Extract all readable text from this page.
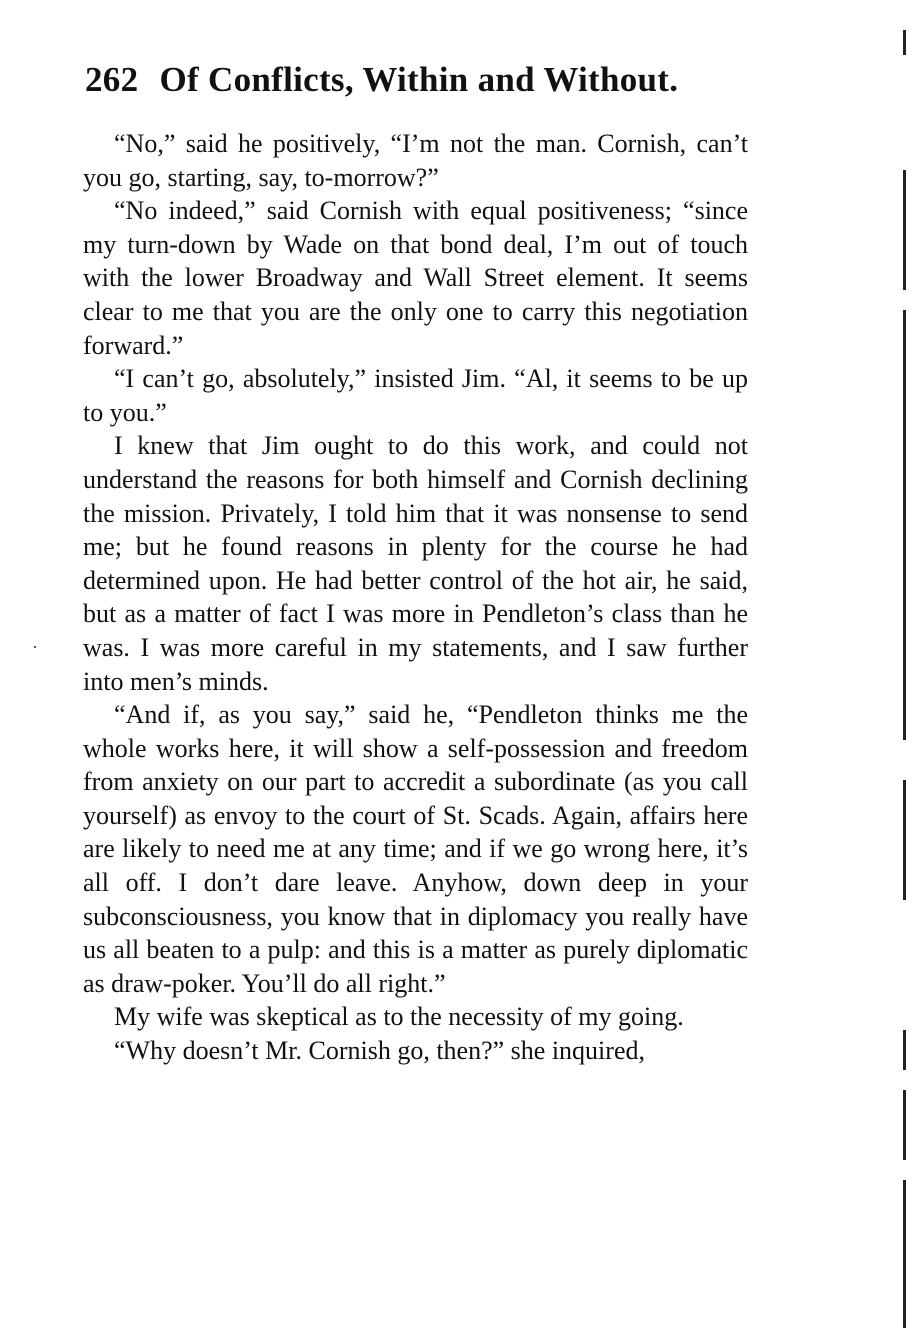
262 Of Conflicts, Within and Without.

“No,” said he positively, “I’m not the man. Cornish, can’t you go, starting, say, to-morrow?”

“No indeed,” said Cornish with equal positiveness; “since my turn-down by Wade on that bond deal, I’m out of touch with the lower Broadway and Wall Street element. It seems clear to me that you are the only one to carry this negotiation forward.”

“I can’t go, absolutely,” insisted Jim. “Al, it seems to be up to you.”

I knew that Jim ought to do this work, and could not understand the reasons for both himself and Cornish declining the mission. Privately, I told him that it was nonsense to send me; but he found reasons in plenty for the course he had determined upon. He had better control of the hot air, he said, but as a matter of fact I was more in Pendleton’s class than he was. I was more careful in my statements, and I saw further into men’s minds.

“And if, as you say,” said he, “Pendleton thinks me the whole works here, it will show a self-possession and freedom from anxiety on our part to accredit a subordinate (as you call yourself) as envoy to the court of St. Scads. Again, affairs here are likely to need me at any time; and if we go wrong here, it’s all off. I don’t dare leave. Anyhow, down deep in your subconsciousness, you know that in diplomacy you really have us all beaten to a pulp: and this is a matter as purely diplomatic as draw-poker. You’ll do all right.”

My wife was skeptical as to the necessity of my going.

“Why doesn’t Mr. Cornish go, then?” she inquired,
